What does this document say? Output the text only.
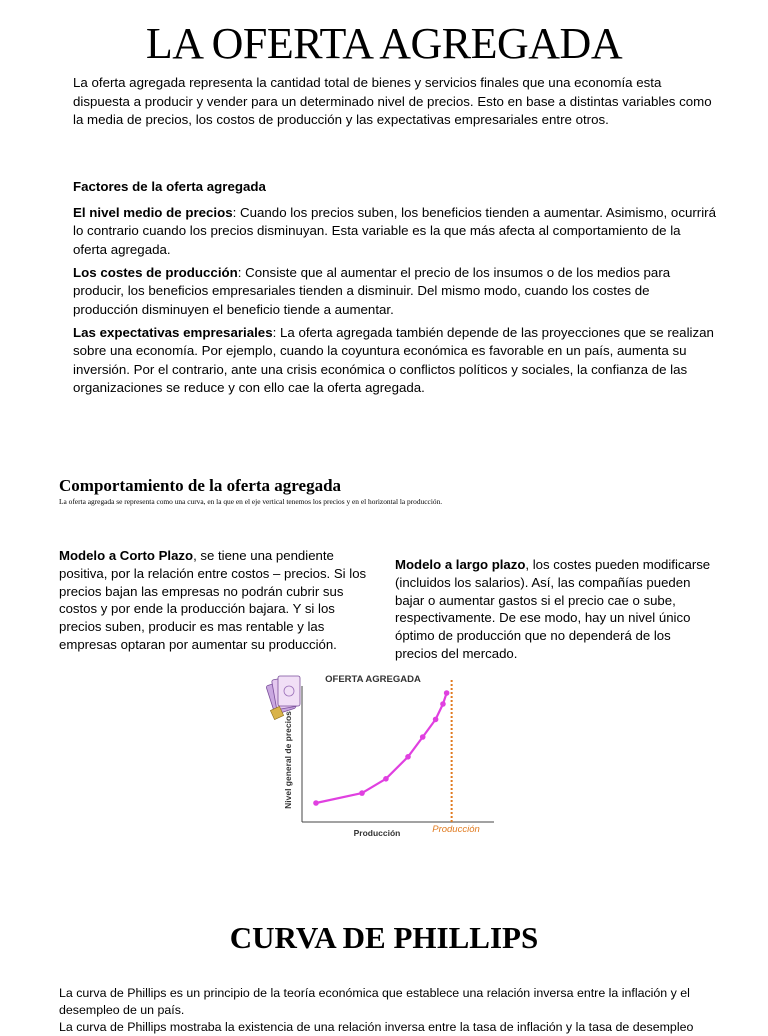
LA OFERTA AGREGADA

La oferta agregada representa la cantidad total de bienes y servicios finales que una economía esta dispuesta a producir y vender para un determinado nivel de precios. Esto en base a distintas variables como la media de precios, los costos de producción y las expectativas empresariales entre otros.

Factores de la oferta agregada

El nivel medio de precios: Cuando los precios suben, los beneficios tienden a aumentar. Asimismo, ocurrirá lo contrario cuando los precios disminuyan. Esta variable es la que más afecta al comportamiento de la oferta agregada.

Los costes de producción: Consiste que al aumentar el precio de los insumos o de los medios para producir, los beneficios empresariales tienden a disminuir. Del mismo modo, cuando los costes de producción disminuyen el beneficio tiende a aumentar.

Las expectativas empresariales: La oferta agregada también depende de las proyecciones que se realizan sobre una economía. Por ejemplo, cuando la coyuntura económica es favorable en un país, aumenta su inversión. Por el contrario, ante una crisis económica o conflictos políticos y sociales, la confianza de las organizaciones se reduce y con ello cae la oferta agregada.

Comportamiento de la oferta agregada

La oferta agregada se representa como una curva, en la que en el eje vertical tenemos los precios y en el horizontal la producción.

Modelo a Corto Plazo, se tiene una pendiente positiva, por la relación entre costos – precios. Si los precios bajan las empresas no podrán cubrir sus costos y por ende la producción bajara. Y si los precios suben, producir es mas rentable y las empresas optaran por aumentar su producción.

Modelo a largo plazo, los costes pueden modificarse (incluidos los salarios). Así, las compañías pueden bajar o aumentar gastos si el precio cae o sube, respectivamente. De ese modo, hay un nivel único óptimo de producción que no dependerá de los precios del mercado.

OFERTA AGREGADA
Nivel general de precios
Producción	Producción
CURVA DE PHILLIPS

La curva de Phillips es un principio de la teoría económica que establece una relación inversa entre la inflación y el desempleo de un país.

La curva de Phillips mostraba la existencia de una relación inversa entre la tasa de inflación y la tasa de desempleo
